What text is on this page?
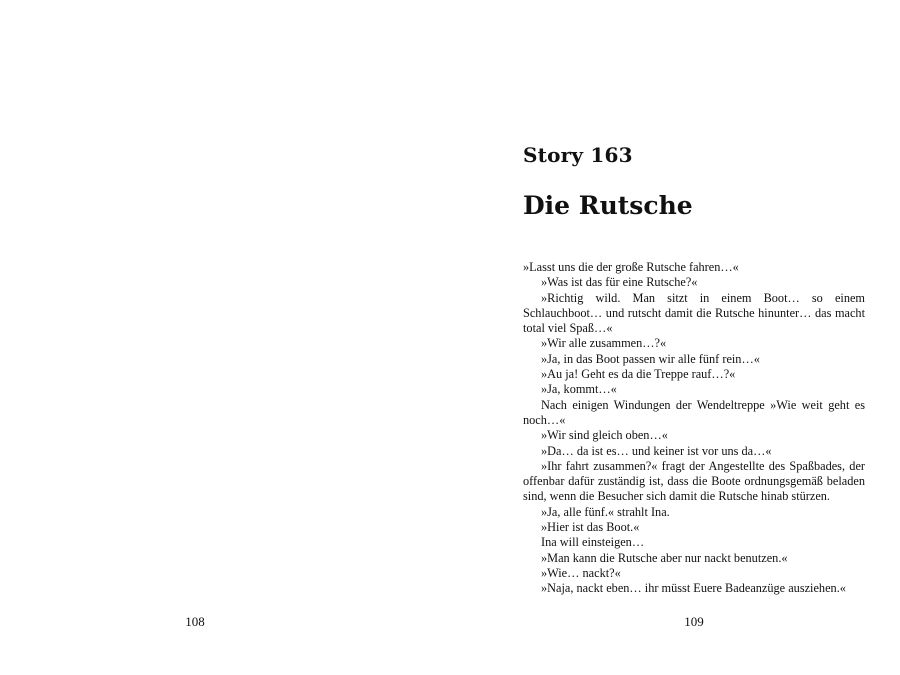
108
Story 163
Die Rutsche

»Lasst uns die der große Rutsche fahren…«

»Was ist das für eine Rutsche?«

»Richtig wild. Man sitzt in einem Boot… so einem Schlauchboot… und rutscht damit die Rutsche hinunter… das macht total viel Spaß…«

»Wir alle zusammen…?«

»Ja, in das Boot passen wir alle fünf rein…«

»Au ja! Geht es da die Treppe rauf…?«

»Ja, kommt…«

Nach einigen Windungen der Wendeltreppe »Wie weit geht es noch…«

»Wir sind gleich oben…«

»Da… da ist es… und keiner ist vor uns da…«

»Ihr fahrt zusammen?« fragt der Angestellte des Spaßbades, der offenbar dafür zuständig ist, dass die Boote ordnungsgemäß beladen sind, wenn die Besucher sich damit die Rutsche hinab stürzen.

»Ja, alle fünf.« strahlt Ina.

»Hier ist das Boot.«

Ina will einsteigen…

»Man kann die Rutsche aber nur nackt benutzen.«

»Wie… nackt?«

»Naja, nackt eben… ihr müsst Euere Badeanzüge ausziehen.«

109
